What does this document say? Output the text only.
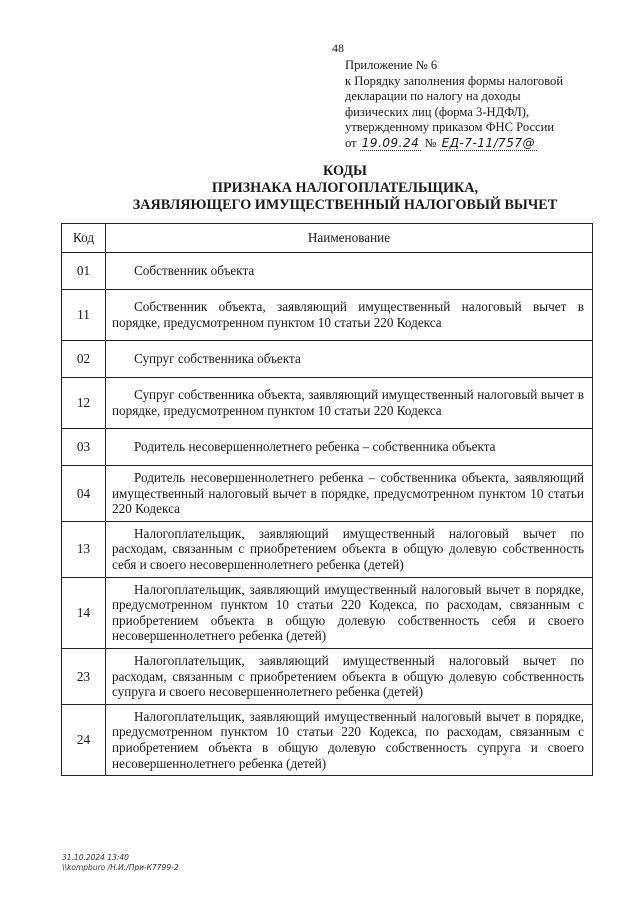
48
Приложение № 6
к Порядку заполнения формы налоговой
декларации по налогу на доходы
физических лиц (форма 3-НДФЛ),
утвержденному приказом ФНС России
от 19.09.24 № ЕД-7-11/757@
КОДЫ
ПРИЗНАКА НАЛОГОПЛАТЕЛЬЩИКА,
ЗАЯВЛЯЮЩЕГО ИМУЩЕСТВЕННЫЙ НАЛОГОВЫЙ ВЫЧЕТ
Код	Наименование
01	Собственник объекта
11	Собственник объекта, заявляющий имущественный налоговый вычет в порядке, предусмотренном пунктом 10 статьи 220 Кодекса
02	Супруг собственника объекта
12	Супруг собственника объекта, заявляющий имущественный налоговый вычет в порядке, предусмотренном пунктом 10 статьи 220 Кодекса
03	Родитель несовершеннолетнего ребенка – собственника объекта
04	Родитель несовершеннолетнего ребенка – собственника объекта, заявляющий имущественный налоговый вычет в порядке, предусмотренном пунктом 10 статьи 220 Кодекса
13	Налогоплательщик, заявляющий имущественный налоговый вычет по расходам, связанным с приобретением объекта в общую долевую собственность себя и своего несовершеннолетнего ребенка (детей)
14	Налогоплательщик, заявляющий имущественный налоговый вычет в порядке, предусмотренном пунктом 10 статьи 220 Кодекса, по расходам, связанным с приобретением объекта в общую долевую собственность себя и своего несовершеннолетнего ребенка (детей)
23	Налогоплательщик, заявляющий имущественный налоговый вычет по расходам, связанным с приобретением объекта в общую долевую собственность супруга и своего несовершеннолетнего ребенка (детей)
24	Налогоплательщик, заявляющий имущественный налоговый вычет в порядке, предусмотренном пунктом 10 статьи 220 Кодекса, по расходам, связанным с приобретением объекта в общую долевую собственность супруга и своего несовершеннолетнего ребенка (детей)
31.10.2024 13:40
\\kompburo /Н.И./При-К7799-2
